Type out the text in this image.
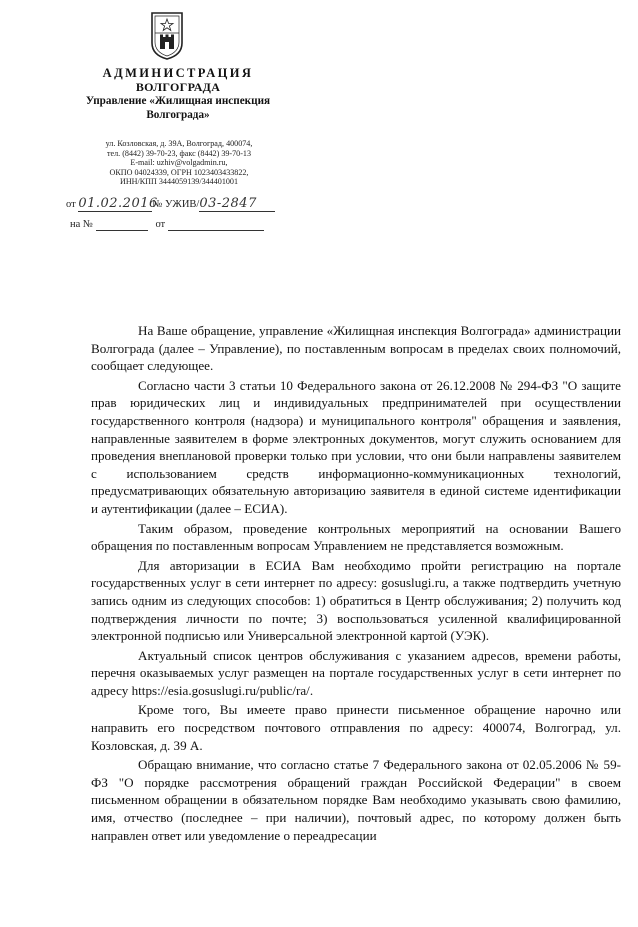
АДМИНИСТРАЦИЯ
ВОЛГОГРАДА
Управление «Жилищная инспекция
Волгограда»
ул. Козловская, д. 39А, Волгоград, 400074,
тел. (8442) 39-70-23, факс (8442) 39-70-13
E-mail: uzhiv@volgadmin.ru,
ОКПО 04024339, ОГРН 1023403433822,
ИНН/КПП 3444059139/344401001
от 01.02.2016№ УЖИВ/03-2847
на №	от

На Ваше обращение, управление «Жилищная инспекция Волгограда» администрации Волгограда (далее – Управление), по поставленным вопросам в пределах своих полномочий, сообщает следующее.

Согласно части 3 статьи 10 Федерального закона от 26.12.2008 № 294-ФЗ "О защите прав юридических лиц и индивидуальных предпринимателей при осуществлении государственного контроля (надзора) и муниципального контроля" обращения и заявления, направленные заявителем в форме электронных документов, могут служить основанием для проведения внеплановой проверки только при условии, что они были направлены заявителем с использованием средств информационно-коммуникационных технологий, предусматривающих обязательную авторизацию заявителя в единой системе идентификации и аутентификации (далее – ЕСИА).

Таким образом, проведение контрольных мероприятий на основании Вашего обращения по поставленным вопросам Управлением не представляется возможным.

Для авторизации в ЕСИА Вам необходимо пройти регистрацию на портале государственных услуг в сети интернет по адресу: gosuslugi.ru, а также подтвердить учетную запись одним из следующих способов: 1) обратиться в Центр обслуживания; 2) получить код подтверждения личности по почте; 3) воспользоваться усиленной квалифицированной электронной подписью или Универсальной электронной картой (УЭК).

Актуальный список центров обслуживания с указанием адресов, времени работы, перечня оказываемых услуг размещен на портале государственных услуг в сети интернет по адресу https://esia.gosuslugi.ru/public/ra/.

Кроме того, Вы имеете право принести письменное обращение нарочно или направить его посредством почтового отправления по адресу: 400074, Волгоград, ул. Козловская, д. 39 А.

Обращаю внимание, что согласно статье 7 Федерального закона от 02.05.2006 № 59-ФЗ "О порядке рассмотрения обращений граждан Российской Федерации" в своем письменном обращении в обязательном порядке Вам необходимо указывать свою фамилию, имя, отчество (последнее – при наличии), почтовый адрес, по которому должен быть направлен ответ или уведомление о переадресации
